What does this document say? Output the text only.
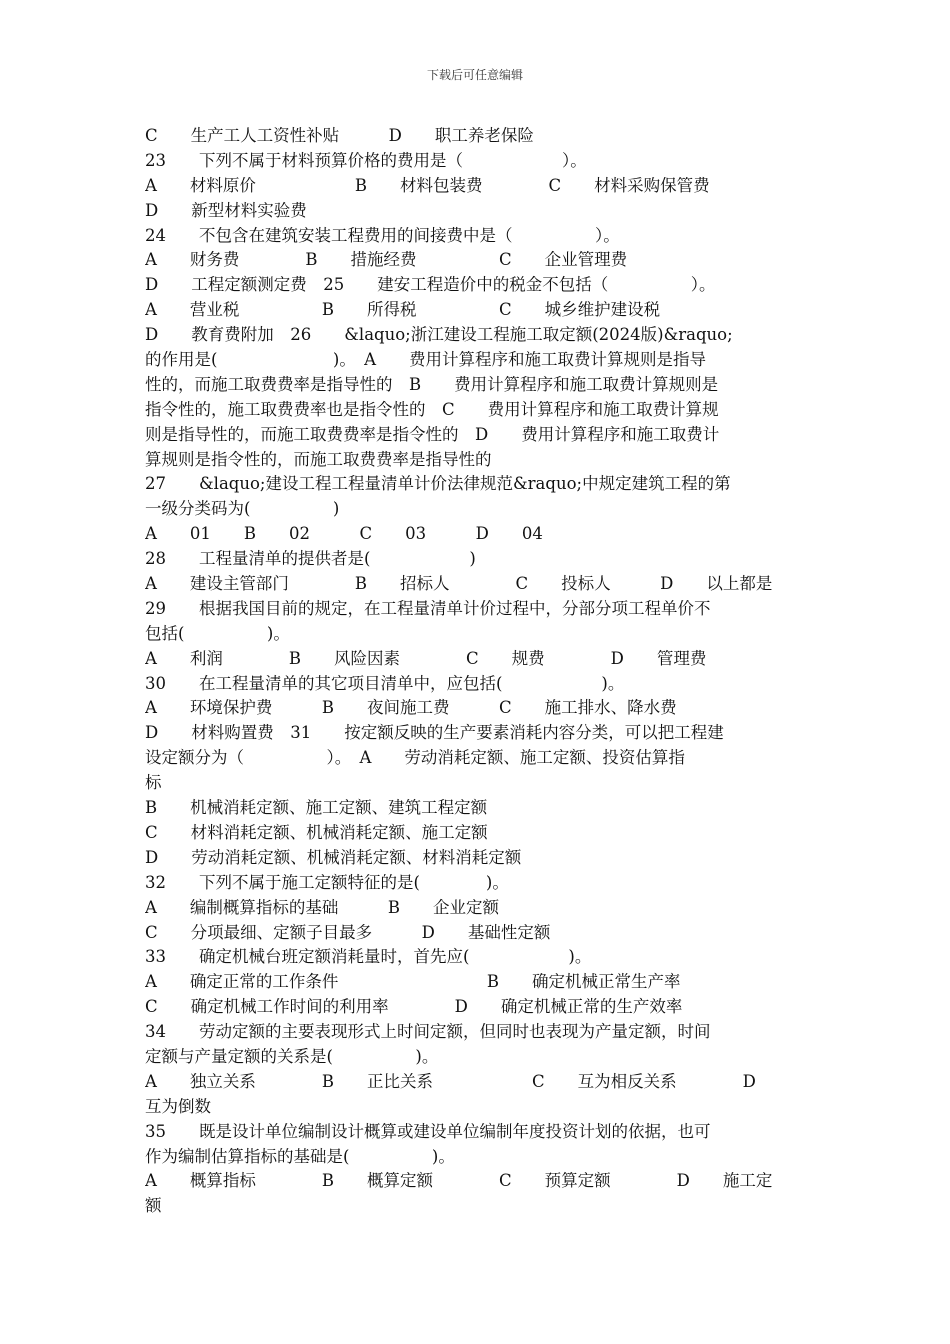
下载后可任意编辑
C　　生产工人工资性补贴　　　D　　职工养老保险
23　　下列不属于材料预算价格的费用是（　　　　　　）。
A　　材料原价　　　　　　B　　材料包装费　　　　C　　材料采购保管费
D　　新型材料实验费
24　　不包含在建筑安装工程费用的间接费中是（　　　　　）。
A　　财务费　　　　B　　措施经费　　　　　C　　企业管理费
D　　工程定额测定费　25　　建安工程造价中的税金不包括（　　　　　）。
A　　营业税　　　　　B　　所得税　　　　　C　　城乡维护建设税
D　　教育费附加　26　　&laquo;浙江建设工程施工取定额(2024版)&raquo;
的作用是(　　　　　　　)。　A　　费用计算程序和施工取费计算规则是指导
性的，而施工取费费率是指导性的　B　　费用计算程序和施工取费计算规则是
指令性的，施工取费费率也是指令性的　C　　费用计算程序和施工取费计算规
则是指导性的，而施工取费费率是指令性的　D　　费用计算程序和施工取费计
算规则是指令性的，而施工取费费率是指导性的
27　　&laquo;建设工程工程量清单计价法律规范&raquo;中规定建筑工程的第
一级分类码为(　　　　　)
A　　01　　B　　02　　　C　　03　　　D　　04
28　　工程量清单的提供者是(　　　　　　)
A　　建设主管部门　　　　B　　招标人　　　　C　　投标人　　　D　　以上都是
29　　根据我国目前的规定，在工程量清单计价过程中，分部分项工程单价不
包括(　　　　　)。
A　　利润　　　　B　　风险因素　　　　C　　规费　　　　D　　管理费
30　　在工程量清单的其它项目清单中，应包括(　　　　　　)。
A　　环境保护费　　　B　　夜间施工费　　　C　　施工排水、降水费
D　　材料购置费　31　　按定额反映的生产要素消耗内容分类，可以把工程建
设定额分为（　　　　　）。　A　　劳动消耗定额、施工定额、投资估算指
标
B　　机械消耗定额、施工定额、建筑工程定额
C　　材料消耗定额、机械消耗定额、施工定额
D　　劳动消耗定额、机械消耗定额、材料消耗定额
32　　下列不属于施工定额特征的是(　　　　)。
A　　编制概算指标的基础　　　B　　企业定额
C　　分项最细、定额子目最多　　　D　　基础性定额
33　　确定机械台班定额消耗量时，首先应(　　　　　　)。
A　　确定正常的工作条件　　　　　　　　　B　　确定机械正常生产率
C　　确定机械工作时间的利用率　　　　D　　确定机械正常的生产效率
34　　劳动定额的主要表现形式上时间定额，但同时也表现为产量定额，时间
定额与产量定额的关系是(　　　　　)。
A　　独立关系　　　　B　　正比关系　　　　　　C　　互为相反关系　　　　D
互为倒数
35　　既是设计单位编制设计概算或建设单位编制年度投资计划的依据，也可
作为编制估算指标的基础是(　　　　　)。
A　　概算指标　　　　B　　概算定额　　　　C　　预算定额　　　　D　　施工定
额
